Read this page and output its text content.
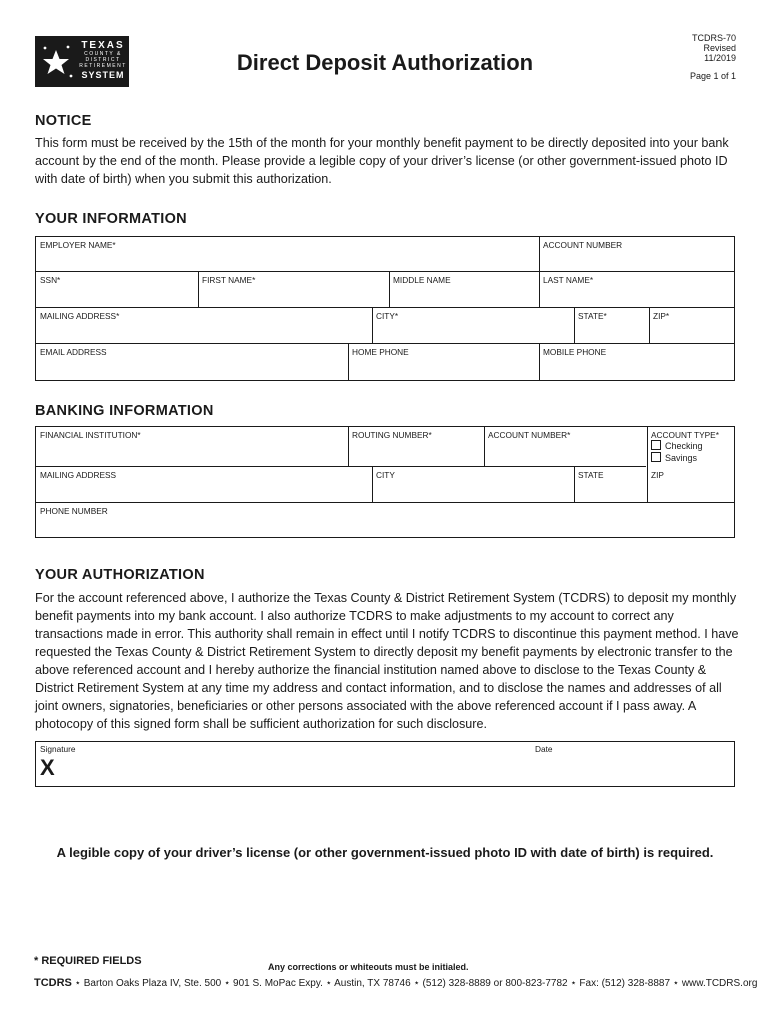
TEXAS
COUNTY &
DISTRICT
RETIREMENT
SYSTEM	Direct Deposit Authorization
TCDRS-70
Revised
11/2019
Page 1 of 1
NOTICE
This form must be received by the 15th of the month for your monthly benefit payment to be directly deposited into your bank account by the end of the month. Please provide a legible copy of your driver’s license (or other government-issued photo ID with date of birth) when you submit this authorization.
YOUR INFORMATION
EMPLOYER NAME*	ACCOUNT NUMBER
SSN*	FIRST NAME*	MIDDLE NAME	LAST NAME*
MAILING ADDRESS*	CITY*	STATE*	ZIP*
EMAIL ADDRESS	HOME PHONE	MOBILE PHONE
BANKING INFORMATION
FINANCIAL INSTITUTION*	ROUTING NUMBER*	ACCOUNT NUMBER*	ACCOUNT TYPE*
Checking
Savings
MAILING ADDRESS	CITY	STATE	ZIP
PHONE NUMBER
YOUR AUTHORIZATION
For the account referenced above, I authorize the Texas County & District Retirement System (TCDRS) to deposit my monthly benefit payments into my bank account. I also authorize TCDRS to make adjustments to my account to correct any transactions made in error. This authority shall remain in effect until I notify TCDRS to discontinue this payment method. I have requested the Texas County & District Retirement System to directly deposit my benefit payments by electronic transfer to the above referenced account and I hereby authorize the financial institution named above to disclose to the Texas County & District Retirement System at any time my address and contact information, and to disclose the names and addresses of all joint owners, signatories, beneficiaries or other persons associated with the above referenced account if I pass away. A photocopy of this signed form shall be sufficient authorization for such disclosure.
Signature	Date
X
A legible copy of your driver’s license (or other government-issued photo ID with date of birth) is required.
* REQUIRED FIELDS	Any corrections or whiteouts must be initialed.
TCDRS ⋆ Barton Oaks Plaza IV, Ste. 500 ⋆ 901 S. MoPac Expy. ⋆ Austin, TX 78746 ⋆ (512) 328-8889 or 800-823-7782 ⋆ Fax: (512) 328-8887 ⋆ www.TCDRS.org
